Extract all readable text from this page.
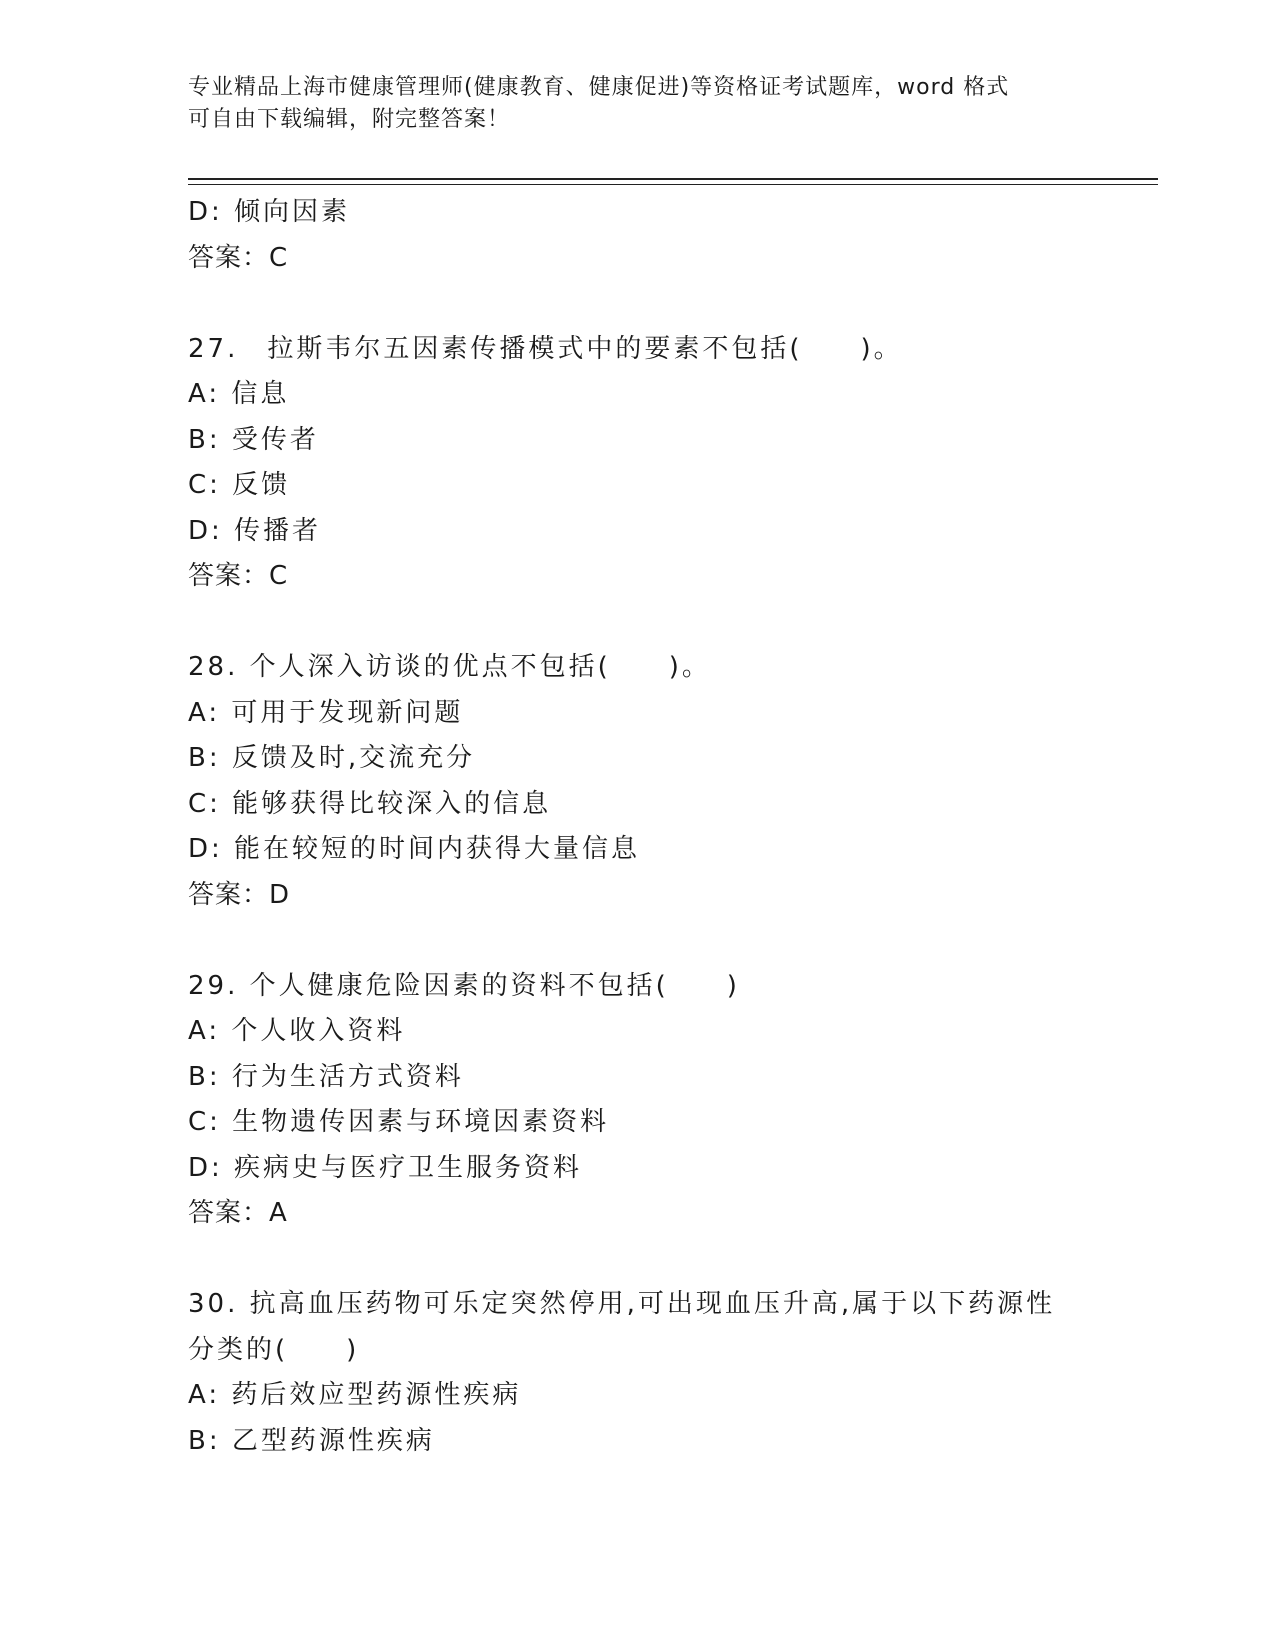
专业精品上海市健康管理师(健康教育、健康促进)等资格证考试题库，word 格式
可自由下载编辑，附完整答案！
D: 倾向因素
答案：C
27.　拉斯韦尔五因素传播模式中的要素不包括(　　)。
A: 信息
B: 受传者
C: 反馈
D: 传播者
答案：C
28. 个人深入访谈的优点不包括(　　)。
A: 可用于发现新问题
B: 反馈及时,交流充分
C: 能够获得比较深入的信息
D: 能在较短的时间内获得大量信息
答案：D
29. 个人健康危险因素的资料不包括(　　)
A: 个人收入资料
B: 行为生活方式资料
C: 生物遗传因素与环境因素资料
D: 疾病史与医疗卫生服务资料
答案：A
30. 抗高血压药物可乐定突然停用,可出现血压升高,属于以下药源性
分类的(　　)
A: 药后效应型药源性疾病
B: 乙型药源性疾病
